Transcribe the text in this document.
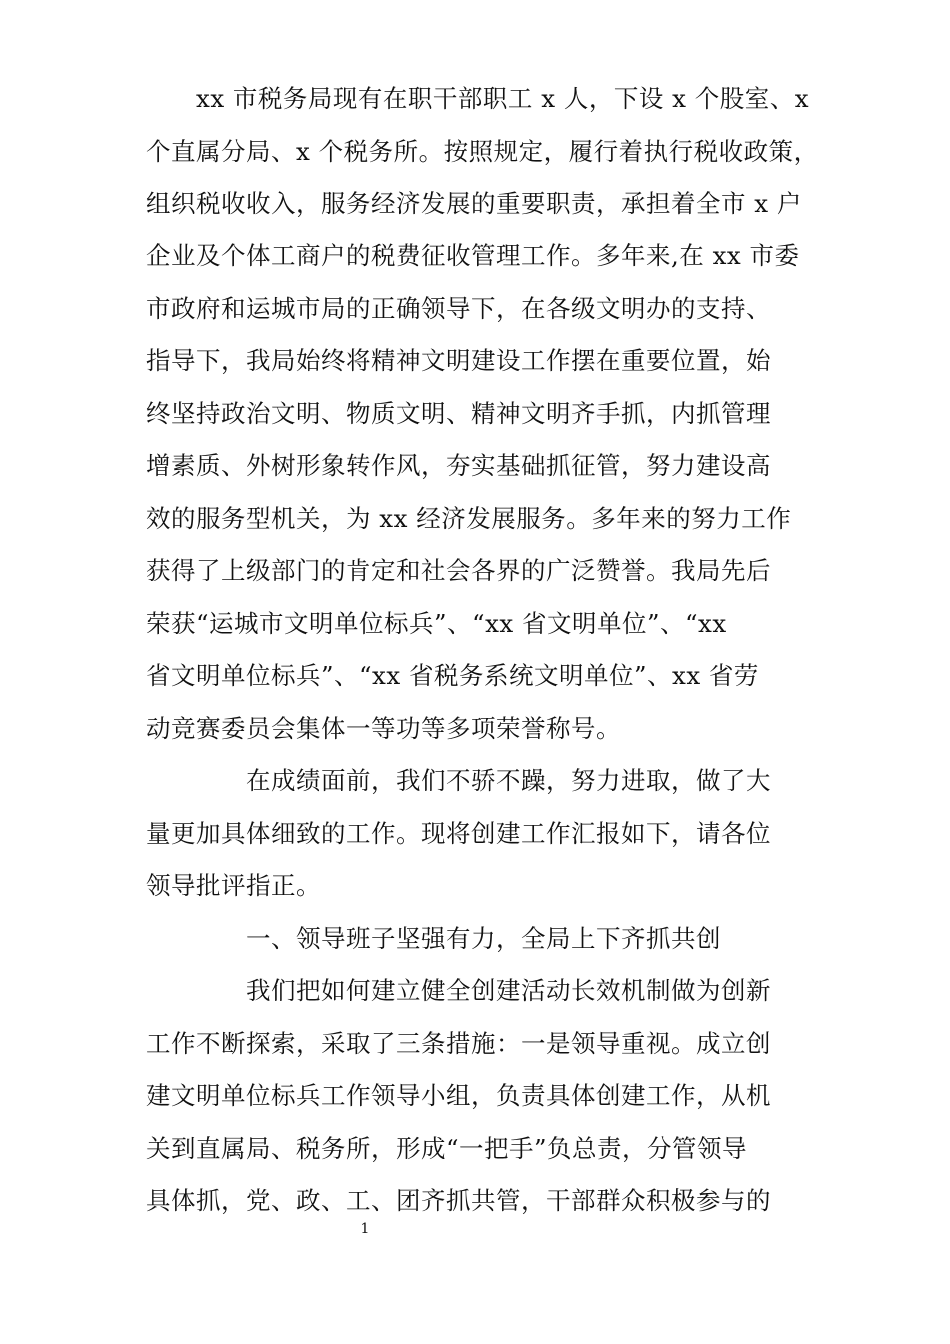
xx 市税务局现有在职干部职工 x 人，下设 x 个股室、x
个直属分局、x 个税务所。按照规定，履行着执行税收政策，
组织税收收入，服务经济发展的重要职责，承担着全市 x 户
企业及个体工商户的税费征收管理工作。多年来,在 xx 市委
市政府和运城市局的正确领导下，在各级文明办的支持、
指导下，我局始终将精神文明建设工作摆在重要位置，始
终坚持政治文明、物质文明、精神文明齐手抓，内抓管理
增素质、外树形象转作风，夯实基础抓征管，努力建设高
效的服务型机关，为 xx 经济发展服务。多年来的努力工作
获得了上级部门的肯定和社会各界的广泛赞誉。我局先后
荣获“运城市文明单位标兵”、“xx 省文明单位”、“xx
省文明单位标兵”、“xx 省税务系统文明单位”、xx 省劳
动竞赛委员会集体一等功等多项荣誉称号。
在成绩面前，我们不骄不躁，努力进取，做了大
量更加具体细致的工作。现将创建工作汇报如下，请各位
领导批评指正。
一、领导班子坚强有力，全局上下齐抓共创
我们把如何建立健全创建活动长效机制做为创新
工作不断探索，采取了三条措施：一是领导重视。成立创
建文明单位标兵工作领导小组，负责具体创建工作，从机
关到直属局、税务所，形成“一把手”负总责，分管领导
具体抓，党、政、工、团齐抓共管，干部群众积极参与的
1
